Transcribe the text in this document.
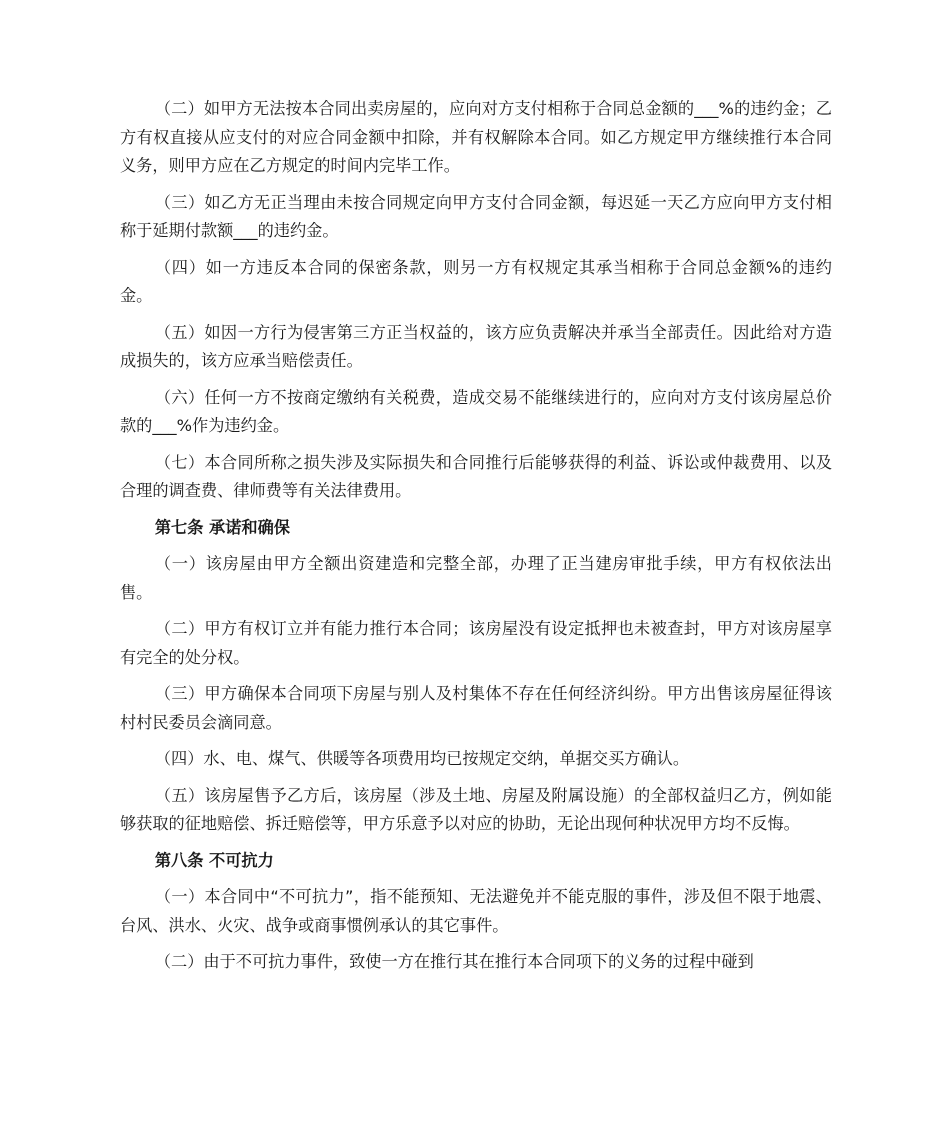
（二）如甲方无法按本合同出卖房屋的，应向对方支付相称于合同总金额的___%的违约金；乙方有权直接从应支付的对应合同金额中扣除，并有权解除本合同。如乙方规定甲方继续推行本合同义务，则甲方应在乙方规定的时间内完毕工作。

（三）如乙方无正当理由未按合同规定向甲方支付合同金额，每迟延一天乙方应向甲方支付相称于延期付款额___的违约金。

（四）如一方违反本合同的保密条款，则另一方有权规定其承当相称于合同总金额%的违约金。

（五）如因一方行为侵害第三方正当权益的，该方应负责解决并承当全部责任。因此给对方造成损失的，该方应承当赔偿责任。

（六）任何一方不按商定缴纳有关税费，造成交易不能继续进行的，应向对方支付该房屋总价款的___%作为违约金。

（七）本合同所称之损失涉及实际损失和合同推行后能够获得的利益、诉讼或仲裁费用、以及合理的调查费、律师费等有关法律费用。

第七条 承诺和确保

（一）该房屋由甲方全额出资建造和完整全部，办理了正当建房审批手续，甲方有权依法出售。

（二）甲方有权订立并有能力推行本合同；该房屋没有设定抵押也未被查封，甲方对该房屋享有完全的处分权。

（三）甲方确保本合同项下房屋与别人及村集体不存在任何经济纠纷。甲方出售该房屋征得该村村民委员会滴同意。

（四）水、电、煤气、供暖等各项费用均已按规定交纳，单据交买方确认。

（五）该房屋售予乙方后，该房屋（涉及土地、房屋及附属设施）的全部权益归乙方，例如能够获取的征地赔偿、拆迁赔偿等，甲方乐意予以对应的协助，无论出现何种状况甲方均不反悔。

第八条 不可抗力

（一）本合同中“不可抗力”，指不能预知、无法避免并不能克服的事件，涉及但不限于地震、台风、洪水、火灾、战争或商事惯例承认的其它事件。

（二）由于不可抗力事件，致使一方在推行其在推行本合同项下的义务的过程中碰到
